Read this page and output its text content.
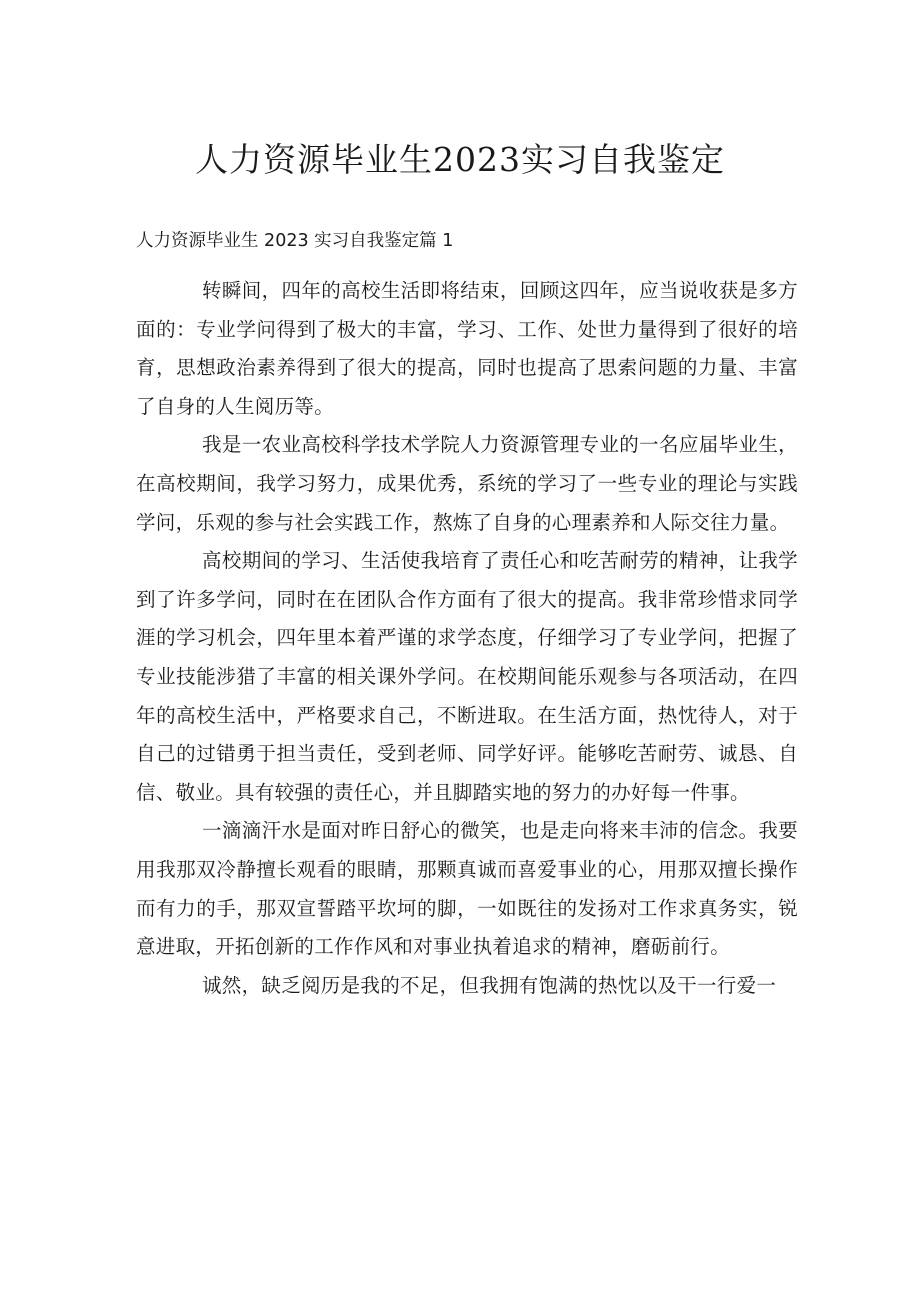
人力资源毕业生2023实习自我鉴定

人力资源毕业生 2023 实习自我鉴定篇 1

转瞬间，四年的高校生活即将结束，回顾这四年，应当说收获是多方面的：专业学问得到了极大的丰富，学习、工作、处世力量得到了很好的培育，思想政治素养得到了很大的提高，同时也提高了思索问题的力量、丰富了自身的人生阅历等。

我是一农业高校科学技术学院人力资源管理专业的一名应届毕业生，在高校期间，我学习努力，成果优秀，系统的学习了一些专业的理论与实践学问，乐观的参与社会实践工作，熬炼了自身的心理素养和人际交往力量。

高校期间的学习、生活使我培育了责任心和吃苦耐劳的精神，让我学到了许多学问，同时在在团队合作方面有了很大的提高。我非常珍惜求同学涯的学习机会，四年里本着严谨的求学态度，仔细学习了专业学问，把握了专业技能涉猎了丰富的相关课外学问。在校期间能乐观参与各项活动，在四年的高校生活中，严格要求自己，不断进取。在生活方面，热忱待人，对于自己的过错勇于担当责任，受到老师、同学好评。能够吃苦耐劳、诚恳、自信、敬业。具有较强的责任心，并且脚踏实地的努力的办好每一件事。

一滴滴汗水是面对昨日舒心的微笑，也是走向将来丰沛的信念。我要用我那双冷静擅长观看的眼睛，那颗真诚而喜爱事业的心，用那双擅长操作而有力的手，那双宣誓踏平坎坷的脚，一如既往的发扬对工作求真务实，锐意进取，开拓创新的工作作风和对事业执着追求的精神，磨砺前行。

诚然，缺乏阅历是我的不足，但我拥有饱满的热忱以及干一行爱一
